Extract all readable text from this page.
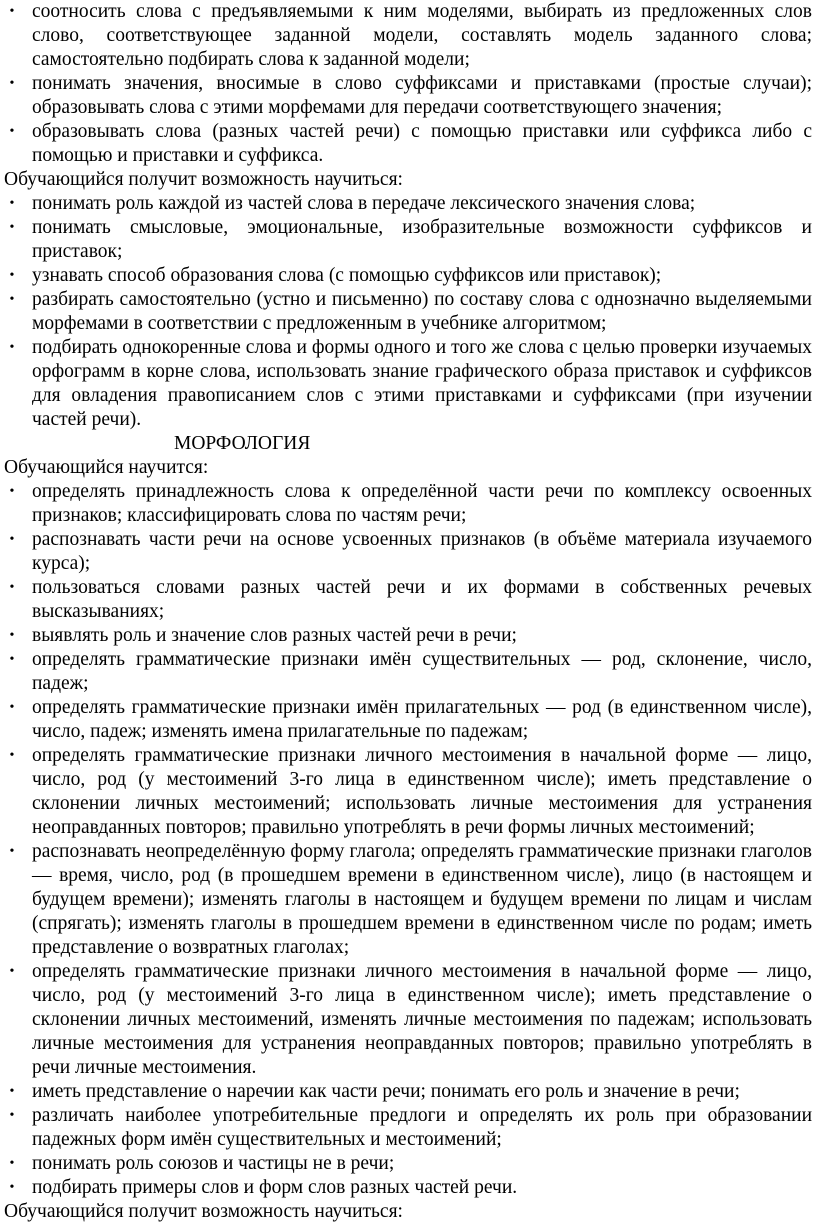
• соотносить слова с предъявляемыми к ним моделями, выбирать из предложенных слов слово, соответствующее заданной модели, составлять модель заданного слова; самостоятельно подбирать слова к заданной модели;
• понимать значения, вносимые в слово суффиксами и приставками (простые случаи); образовывать слова с этими морфемами для передачи соответствующего значения;
• образовывать слова (разных частей речи) с помощью приставки или суффикса либо с помощью и приставки и суффикса.

Обучающийся получит возможность научиться:

• понимать роль каждой из частей слова в передаче лексического значения слова;
• понимать смысловые, эмоциональные, изобразительные возможности суффиксов и приставок;
• узнавать способ образования слова (с помощью суффиксов или приставок);
• разбирать самостоятельно (устно и письменно) по составу слова с однозначно выделяемыми морфемами в соответствии с предложенным в учебнике алгоритмом;
• подбирать однокоренные слова и формы одного и того же слова с целью проверки изучаемых орфограмм в корне слова, использовать знание графического образа приставок и суффиксов для овладения правописанием слов с этими приставками и суффиксами (при изучении частей речи).

МОРФОЛОГИЯ

Обучающийся научится:

• определять принадлежность слова к определённой части речи по комплексу освоенных признаков; классифицировать слова по частям речи;
• распознавать части речи на основе усвоенных признаков (в объёме материала изучаемого курса);
• пользоваться словами разных частей речи и их формами в собственных речевых высказываниях;
• выявлять роль и значение слов разных частей речи в речи;
• определять грамматические признаки имён существительных — род, склонение, число, падеж;
• определять грамматические признаки имён прилагательных — род (в единственном числе), число, падеж; изменять имена прилагательные по падежам;
• определять грамматические признаки личного местоимения в начальной форме — лицо, число, род (у местоимений 3-го лица в единственном числе); иметь представление о склонении личных местоимений; использовать личные местоимения для устранения неоправданных повторов; правильно употреблять в речи формы личных местоимений;
• распознавать неопределённую форму глагола; определять грамматические признаки глаголов — время, число, род (в прошедшем времени в единственном числе), лицо (в настоящем и будущем времени); изменять глаголы в настоящем и будущем времени по лицам и числам (спрягать); изменять глаголы в прошедшем времени в единственном числе по родам; иметь представление о возвратных глаголах;
• определять грамматические признаки личного местоимения в начальной форме — лицо, число, род (у местоимений 3-го лица в единственном числе); иметь представление о склонении личных местоимений, изменять личные местоимения по падежам; использовать личные местоимения для устранения неоправданных повторов; правильно употреблять в речи личные местоимения.
• иметь представление о наречии как части речи; понимать его роль и значение в речи;
• различать наиболее употребительные предлоги и определять их роль при образовании падежных форм имён существительных и местоимений;
• понимать роль союзов и частицы не в речи;
• подбирать примеры слов и форм слов разных частей речи.

Обучающийся получит возможность научиться:
